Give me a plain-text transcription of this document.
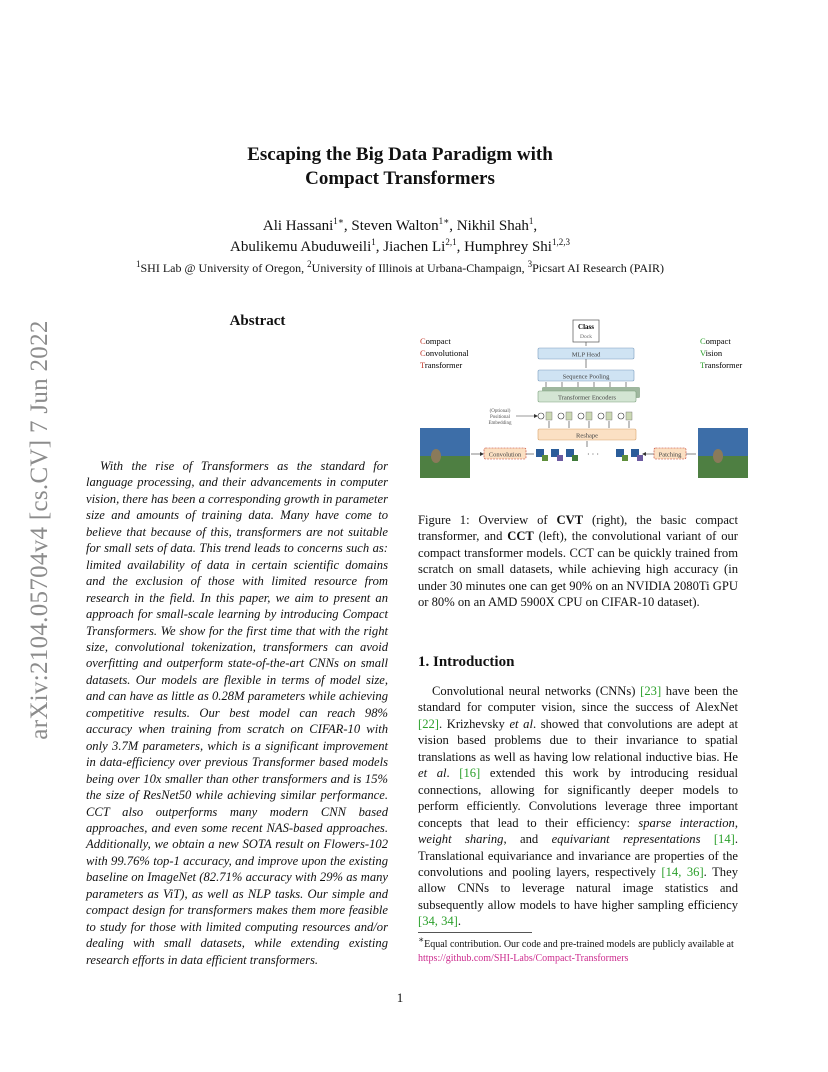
arXiv:2104.05704v4 [cs.CV] 7 Jun 2022
Escaping the Big Data Paradigm with
Compact Transformers
Ali Hassani$^{1∗}$, Steven Walton$^{1∗}$, Nikhil Shah$^1$,
Abulikemu Abuduweili$^1$, Jiachen Li$^{2,1}$, Humphrey Shi$^{1,2,3}$
$^1$SHI Lab @ University of Oregon, $^2$University of Illinois at Urbana-Champaign, $^3$Picsart AI Research (PAIR)
Abstract

With the rise of Transformers as the standard for language processing, and their advancements in computer vision, there has been a corresponding growth in parameter size and amounts of training data. Many have come to believe that because of this, transformers are not suitable for small sets of data. This trend leads to concerns such as: limited availability of data in certain scientific domains and the exclusion of those with limited resource from research in the field. In this paper, we aim to present an approach for small-scale learning by introducing Compact Transformers. We show for the first time that with the right size, convolutional tokenization, transformers can avoid overfitting and outperform state-of-the-art CNNs on small datasets. Our models are flexible in terms of model size, and can have as little as 0.28M parameters while achieving competitive results. Our best model can reach 98% accuracy when training from scratch on CIFAR-10 with only 3.7M parameters, which is a significant improvement in data-efficiency over previous Transformer based models being over 10x smaller than other transformers and is 15% the size of ResNet50 while achieving similar performance. CCT also outperforms many modern CNN based approaches, and even some recent NAS-based approaches. Additionally, we obtain a new SOTA result on Flowers-102 with 99.76% top-1 accuracy, and improve upon the existing baseline on ImageNet (82.71% accuracy with 29% as many parameters as ViT), as well as NLP tasks. Our simple and compact design for transformers makes them more feasible to study for those with limited computing resources and/or dealing with small datasets, while extending existing research efforts in data efficient transformers.

Compact
Convolutional
Transformer
Compact
Vision
Transformer
Class
Dock
MLP Head
Sequence Pooling
Transformer Encoders
(Optional)
Positional
Embedding
Reshape
Convolution	· · ·	Patching

Figure 1: Overview of CVT (right), the basic compact transformer, and CCT (left), the convolutional variant of our compact transformer models. CCT can be quickly trained from scratch on small datasets, while achieving high accuracy (in under 30 minutes one can get 90% on an NVIDIA 2080Ti GPU or 80% on an AMD 5900X CPU on CIFAR-10 dataset).

1. Introduction

Convolutional neural networks (CNNs) [23] have been the standard for computer vision, since the success of AlexNet [22]. Krizhevsky et al. showed that convolutions are adept at vision based problems due to their invariance to spatial translations as well as having low relational inductive bias. He et al. [16] extended this work by introducing residual connections, allowing for significantly deeper models to perform efficiently. Convolutions leverage three important concepts that lead to their efficiency: sparse interaction, weight sharing, and equivariant representations [14]. Translational equivariance and invariance are properties of the convolutions and pooling layers, respectively [14, 36]. They allow CNNs to leverage natural image statistics and subsequently allow models to have higher sampling efficiency [34, 34].

∗Equal contribution. Our code and pre-trained models are publicly available at https://github.com/SHI-Labs/Compact-Transformers

1
